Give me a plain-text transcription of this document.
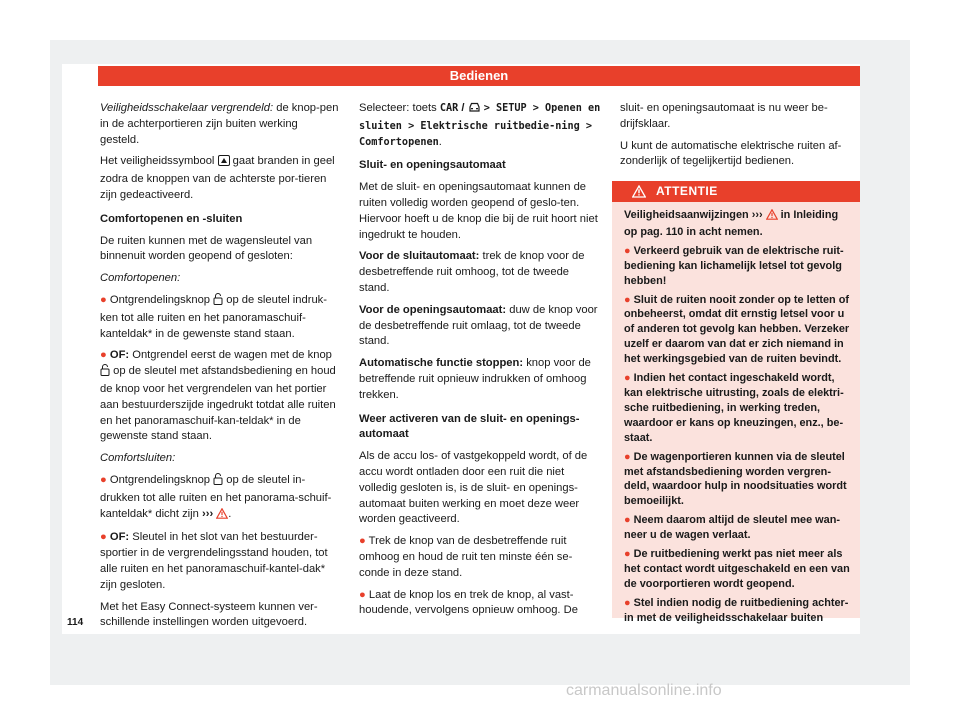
Bedienen

Veiligheidsschakelaar vergrendeld: de knop-pen in de achterportieren zijn buiten werking gesteld.

Het veiligheidssymbool  gaat branden in geel zodra de knoppen van de achterste por-tieren zijn gedeactiveerd.

Comfortopenen en -sluiten

De ruiten kunnen met de wagensleutel van binnenuit worden geopend of gesloten:

Comfortopenen:

● Ontgrendelingsknop  op de sleutel indruk-ken tot alle ruiten en het panoramaschuif-kanteldak* in de gewenste stand staan.

● OF: Ontgrendel eerst de wagen met de knop  op de sleutel met afstandsbediening en houd de knop voor het vergrendelen van het portier aan bestuurderszijde ingedrukt totdat alle ruiten en het panoramaschuif-kan-teldak* in de gewenste stand staan.

Comfortsluiten:

● Ontgrendelingsknop  op de sleutel in-drukken tot alle ruiten en het panorama-schuif-kanteldak* dicht zijn ››› .

● OF: Sleutel in het slot van het bestuurder-sportier in de vergrendelingsstand houden, tot alle ruiten en het panoramaschuif-kantel-dak* zijn gesloten.

Met het Easy Connect-systeem kunnen ver-schillende instellingen worden uitgevoerd.

Selecteer: toets CAR /  > SETUP > Openen en sluiten > Elektrische ruitbedie-ning > Comfortopenen.

Sluit- en openingsautomaat

Met de sluit- en openingsautomaat kunnen de ruiten volledig worden geopend of geslo-ten. Hiervoor hoeft u de knop die bij de ruit hoort niet ingedrukt te houden.

Voor de sluitautomaat: trek de knop voor de desbetreffende ruit omhoog, tot de tweede stand.

Voor de openingsautomaat: duw de knop voor de desbetreffende ruit omlaag, tot de tweede stand.

Automatische functie stoppen: knop voor de betreffende ruit opnieuw indrukken of omhoog trekken.

Weer activeren van de sluit- en openings-automaat

Als de accu los- of vastgekoppeld wordt, of de accu wordt ontladen door een ruit die niet volledig gesloten is, is de sluit- en openings-automaat buiten werking en moet deze weer worden geactiveerd.

● Trek de knop van de desbetreffende ruit omhoog en houd de ruit ten minste één se-conde in deze stand.

● Laat de knop los en trek de knop, al vast-houdende, vervolgens opnieuw omhoog. De

sluit- en openingsautomaat is nu weer be-drijfsklaar.

U kunt de automatische elektrische ruiten af-zonderlijk of tegelijkertijd bedienen.

ATTENTIE

Veiligheidsaanwijzingen ›››  in Inleiding op pag. 110 in acht nemen.

● Verkeerd gebruik van de elektrische ruit-bediening kan lichamelijk letsel tot gevolg hebben!

● Sluit de ruiten nooit zonder op te letten of onbeheerst, omdat dit ernstig letsel voor u of anderen tot gevolg kan hebben. Verzeker uzelf er daarom van dat er zich niemand in het werkingsgebied van de ruiten bevindt.

● Indien het contact ingeschakeld wordt, kan elektrische uitrusting, zoals de elektri-sche ruitbediening, in werking treden, waardoor er kans op kneuzingen, enz., be-staat.

● De wagenportieren kunnen via de sleutel met afstandsbediening worden vergren-deld, waardoor hulp in noodsituaties wordt bemoeilijkt.

● Neem daarom altijd de sleutel mee wan-neer u de wagen verlaat.

● De ruitbediening werkt pas niet meer als het contact wordt uitgeschakeld en een van de voorportieren wordt geopend.

● Stel indien nodig de ruitbediening achter-in met de veiligheidsschakelaar buiten

114
carmanualsonline.info
